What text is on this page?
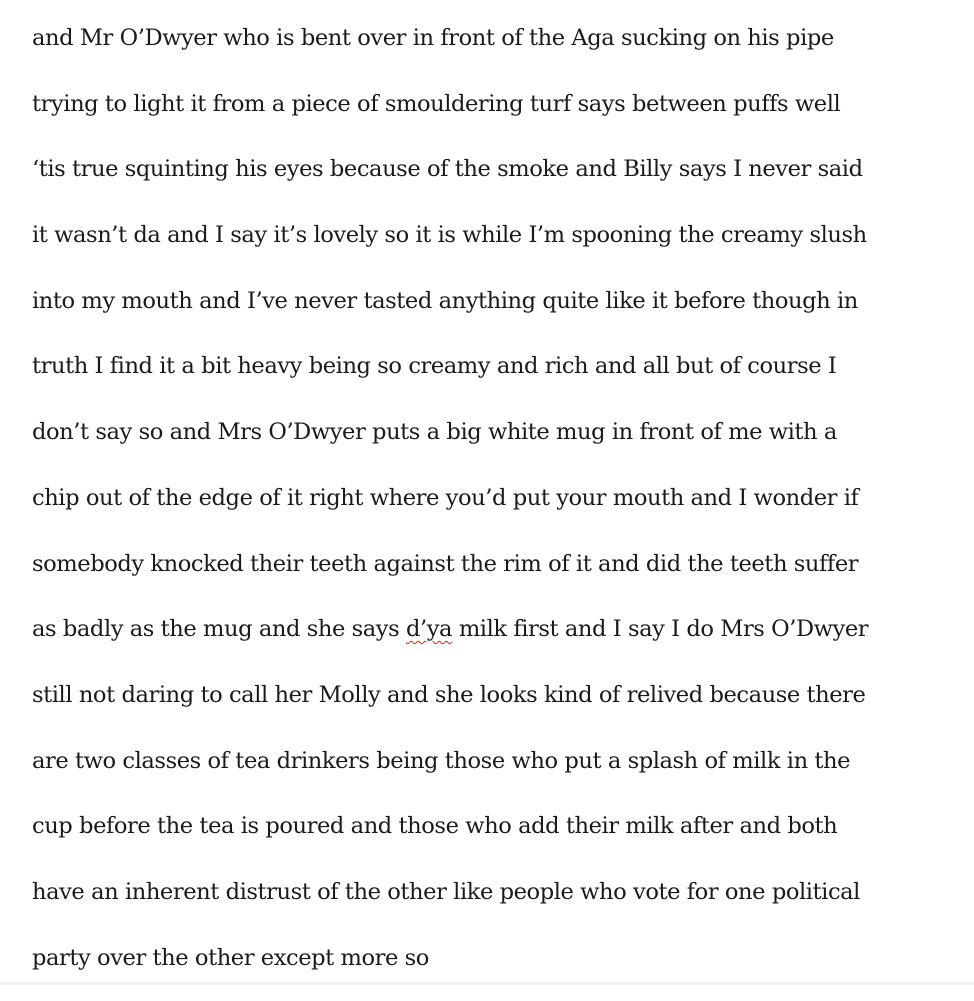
and Mr O’Dwyer who is bent over in front of the Aga sucking on his pipe
trying to light it from a piece of smouldering turf says between puffs well
‘tis true squinting his eyes because of the smoke and Billy says I never said
it wasn’t da and I say it’s lovely so it is while I’m spooning the creamy slush
into my mouth and I’ve never tasted anything quite like it before though in
truth I find it a bit heavy being so creamy and rich and all but of course I
don’t say so and Mrs O’Dwyer puts a big white mug in front of me with a
chip out of the edge of it right where you’d put your mouth and I wonder if
somebody knocked their teeth against the rim of it and did the teeth suffer
as badly as the mug and she says d’ya milk first and I say I do Mrs O’Dwyer
still not daring to call her Molly and she looks kind of relived because there
are two classes of tea drinkers being those who put a splash of milk in the
cup before the tea is poured and those who add their milk after and both
have an inherent distrust of the other like people who vote for one political
party over the other except more so
